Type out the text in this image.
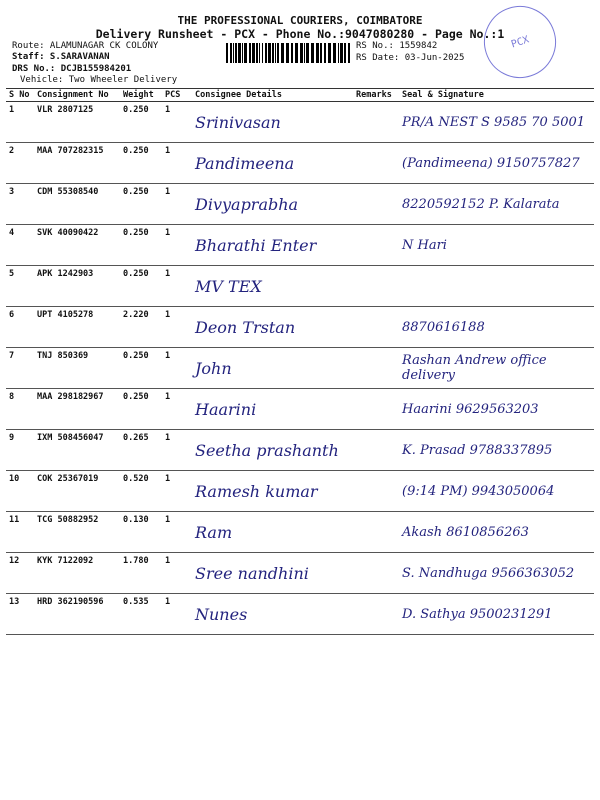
THE PROFESSIONAL COURIERS, COIMBATORE
Delivery Runsheet - PCX - Phone No.:9047080280 - Page No.:1
Route: ALAMUNAGAR CK COLONY
Staff: S.SARAVANAN
DRS No.: DCJB155984201
Vehicle: Two Wheeler Delivery
RS No.: 1559842
RS Date: 03-Jun-2025
PCX
S No	Consignment No	Weight	PCS	Consignee Details	Remarks	Seal & Signature
1	VLR 2807125	0.250	1	Srinivasan		PR/A NEST S 9585 70 5001
2	MAA 707282315	0.250	1	Pandimeena		(Pandimeena) 9150757827
3	CDM 55308540	0.250	1	Divyaprabha		8220592152 P. Kalarata
4	SVK 40090422	0.250	1	Bharathi Enter		N Hari
5	APK 1242903	0.250	1	MV TEX		
6	UPT 4105278	2.220	1	Deon Trstan		8870616188
7	TNJ 850369	0.250	1	John		Rashan Andrew office delivery
8	MAA 298182967	0.250	1	Haarini		Haarini 9629563203
9	IXM 508456047	0.265	1	Seetha prashanth		K. Prasad 9788337895
10	COK 25367019	0.520	1	Ramesh kumar		(9:14 PM) 9943050064
11	TCG 50882952	0.130	1	Ram		Akash 8610856263
12	KYK 7122092	1.780	1	Sree nandhini		S. Nandhuga 9566363052
13	HRD 362190596	0.535	1	Nunes		D. Sathya 9500231291
